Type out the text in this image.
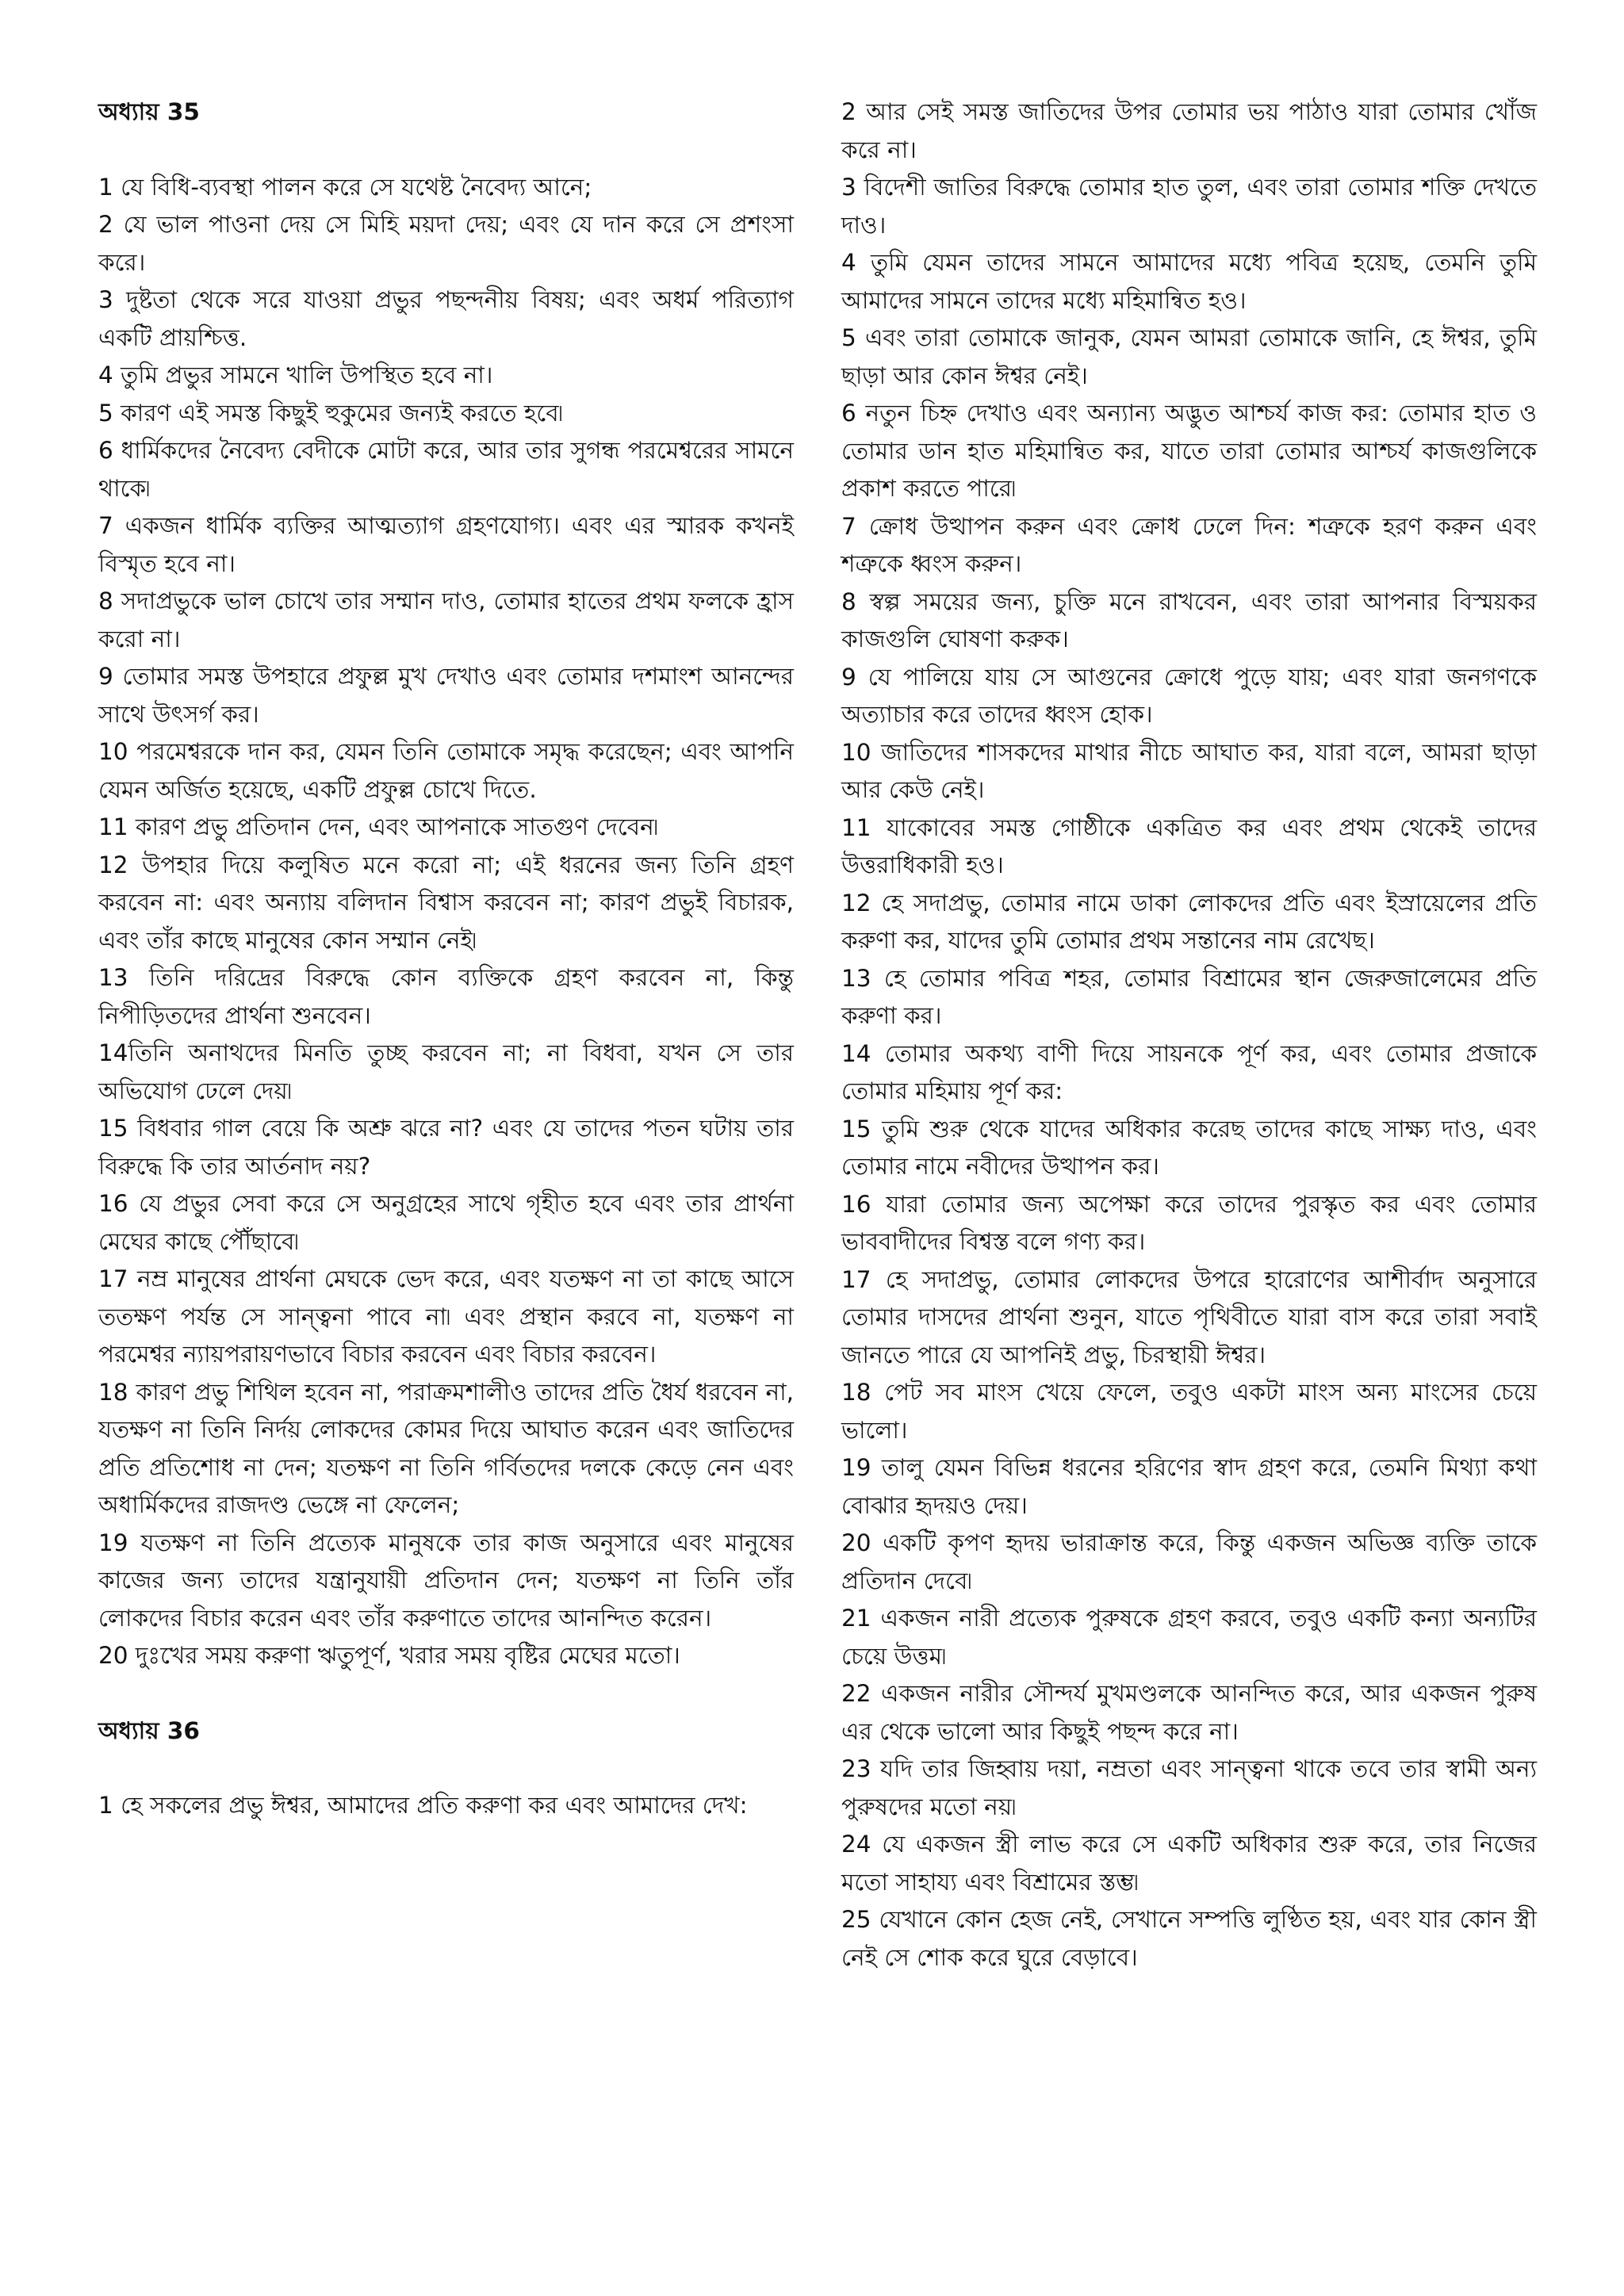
অধ্যায় 35

1 যে বিধি-ব্যবস্থা পালন করে সে যথেষ্ট নৈবেদ্য আনে;

2 যে ভাল পাওনা দেয় সে মিহি ময়দা দেয়; এবং যে দান করে সে প্রশংসা করে।

3 দুষ্টতা থেকে সরে যাওয়া প্রভুর পছন্দনীয় বিষয়; এবং অধর্ম পরিত্যাগ একটি প্রায়শ্চিত্ত.

4 তুমি প্রভুর সামনে খালি উপস্থিত হবে না।

5 কারণ এই সমস্ত কিছুই হুকুমের জন্যই করতে হবে৷

6 ধার্মিকদের নৈবেদ্য বেদীকে মোটা করে, আর তার সুগন্ধ পরমেশ্বরের সামনে থাকে৷

7 একজন ধার্মিক ব্যক্তির আত্মত্যাগ গ্রহণযোগ্য। এবং এর স্মারক কখনই বিস্মৃত হবে না।

8 সদাপ্রভুকে ভাল চোখে তার সম্মান দাও, তোমার হাতের প্রথম ফলকে হ্রাস করো না।

9 তোমার সমস্ত উপহারে প্রফুল্ল মুখ দেখাও এবং তোমার দশমাংশ আনন্দের সাথে উৎসর্গ কর।

10 পরমেশ্বরকে দান কর, যেমন তিনি তোমাকে সমৃদ্ধ করেছেন; এবং আপনি যেমন অর্জিত হয়েছে, একটি প্রফুল্ল চোখে দিতে.

11 কারণ প্রভু প্রতিদান দেন, এবং আপনাকে সাতগুণ দেবেন৷

12 উপহার দিয়ে কলুষিত মনে করো না; এই ধরনের জন্য তিনি গ্রহণ করবেন না: এবং অন্যায় বলিদান বিশ্বাস করবেন না; কারণ প্রভুই বিচারক, এবং তাঁর কাছে মানুষের কোন সম্মান নেই৷

13 তিনি দরিদ্রের বিরুদ্ধে কোন ব্যক্তিকে গ্রহণ করবেন না, কিন্তু নিপীড়িতদের প্রার্থনা শুনবেন।

14তিনি অনাথদের মিনতি তুচ্ছ করবেন না; না বিধবা, যখন সে তার অভিযোগ ঢেলে দেয়৷

15 বিধবার গাল বেয়ে কি অশ্রু ঝরে না? এবং যে তাদের পতন ঘটায় তার বিরুদ্ধে কি তার আর্তনাদ নয়?

16 যে প্রভুর সেবা করে সে অনুগ্রহের সাথে গৃহীত হবে এবং তার প্রার্থনা মেঘের কাছে পৌঁছাবে৷

17 নম্র মানুষের প্রার্থনা মেঘকে ভেদ করে, এবং যতক্ষণ না তা কাছে আসে ততক্ষণ পর্যন্ত সে সান্ত্বনা পাবে না৷ এবং প্রস্থান করবে না, যতক্ষণ না পরমেশ্বর ন্যায়পরায়ণভাবে বিচার করবেন এবং বিচার করবেন।

18 কারণ প্রভু শিথিল হবেন না, পরাক্রমশালীও তাদের প্রতি ধৈর্য ধরবেন না, যতক্ষণ না তিনি নির্দয় লোকদের কোমর দিয়ে আঘাত করেন এবং জাতিদের প্রতি প্রতিশোধ না দেন; যতক্ষণ না তিনি গর্বিতদের দলকে কেড়ে নেন এবং অধার্মিকদের রাজদণ্ড ভেঙ্গে না ফেলেন;

19 যতক্ষণ না তিনি প্রত্যেক মানুষকে তার কাজ অনুসারে এবং মানুষের কাজের জন্য তাদের যন্ত্রানুযায়ী প্রতিদান দেন; যতক্ষণ না তিনি তাঁর লোকদের বিচার করেন এবং তাঁর করুণাতে তাদের আনন্দিত করেন।

20 দুঃখের সময় করুণা ঋতুপূর্ণ, খরার সময় বৃষ্টির মেঘের মতো।

অধ্যায় 36

1 হে সকলের প্রভু ঈশ্বর, আমাদের প্রতি করুণা কর এবং আমাদের দেখ:

2 আর সেই সমস্ত জাতিদের উপর তোমার ভয় পাঠাও যারা তোমার খোঁজ করে না।

3 বিদেশী জাতির বিরুদ্ধে তোমার হাত তুল, এবং তারা তোমার শক্তি দেখতে দাও।

4 তুমি যেমন তাদের সামনে আমাদের মধ্যে পবিত্র হয়েছ, তেমনি তুমি আমাদের সামনে তাদের মধ্যে মহিমান্বিত হও।

5 এবং তারা তোমাকে জানুক, যেমন আমরা তোমাকে জানি, হে ঈশ্বর, তুমি ছাড়া আর কোন ঈশ্বর নেই।

6 নতুন চিহ্ন দেখাও এবং অন্যান্য অদ্ভুত আশ্চর্য কাজ কর: তোমার হাত ও তোমার ডান হাত মহিমান্বিত কর, যাতে তারা তোমার আশ্চর্য কাজগুলিকে প্রকাশ করতে পারে৷

7 ক্রোধ উত্থাপন করুন এবং ক্রোধ ঢেলে দিন: শত্রুকে হরণ করুন এবং শত্রুকে ধ্বংস করুন।

8 স্বল্প সময়ের জন্য, চুক্তি মনে রাখবেন, এবং তারা আপনার বিস্ময়কর কাজগুলি ঘোষণা করুক।

9 যে পালিয়ে যায় সে আগুনের ক্রোধে পুড়ে যায়; এবং যারা জনগণকে অত্যাচার করে তাদের ধ্বংস হোক।

10 জাতিদের শাসকদের মাথার নীচে আঘাত কর, যারা বলে, আমরা ছাড়া আর কেউ নেই।

11 যাকোবের সমস্ত গোষ্ঠীকে একত্রিত কর এবং প্রথম থেকেই তাদের উত্তরাধিকারী হও।

12 হে সদাপ্রভু, তোমার নামে ডাকা লোকদের প্রতি এবং ইস্রায়েলের প্রতি করুণা কর, যাদের তুমি তোমার প্রথম সন্তানের নাম রেখেছ।

13 হে তোমার পবিত্র শহর, তোমার বিশ্রামের স্থান জেরুজালেমের প্রতি করুণা কর।

14 তোমার অকথ্য বাণী দিয়ে সায়নকে পূর্ণ কর, এবং তোমার প্রজাকে তোমার মহিমায় পূর্ণ কর:

15 তুমি শুরু থেকে যাদের অধিকার করেছ তাদের কাছে সাক্ষ্য দাও, এবং তোমার নামে নবীদের উত্থাপন কর।

16 যারা তোমার জন্য অপেক্ষা করে তাদের পুরস্কৃত কর এবং তোমার ভাববাদীদের বিশ্বস্ত বলে গণ্য কর।

17 হে সদাপ্রভু, তোমার লোকদের উপরে হারোণের আশীর্বাদ অনুসারে তোমার দাসদের প্রার্থনা শুনুন, যাতে পৃথিবীতে যারা বাস করে তারা সবাই জানতে পারে যে আপনিই প্রভু, চিরস্থায়ী ঈশ্বর।

18 পেট সব মাংস খেয়ে ফেলে, তবুও একটা মাংস অন্য মাংসের চেয়ে ভালো।

19 তালু যেমন বিভিন্ন ধরনের হরিণের স্বাদ গ্রহণ করে, তেমনি মিথ্যা কথা বোঝার হৃদয়ও দেয়।

20 একটি কৃপণ হৃদয় ভারাক্রান্ত করে, কিন্তু একজন অভিজ্ঞ ব্যক্তি তাকে প্রতিদান দেবে৷

21 একজন নারী প্রত্যেক পুরুষকে গ্রহণ করবে, তবুও একটি কন্যা অন্যটির চেয়ে উত্তম৷

22 একজন নারীর সৌন্দর্য মুখমণ্ডলকে আনন্দিত করে, আর একজন পুরুষ এর থেকে ভালো আর কিছুই পছন্দ করে না।

23 যদি তার জিহ্বায় দয়া, নম্রতা এবং সান্ত্বনা থাকে তবে তার স্বামী অন্য পুরুষদের মতো নয়৷

24 যে একজন স্ত্রী লাভ করে সে একটি অধিকার শুরু করে, তার নিজের মতো সাহায্য এবং বিশ্রামের স্তম্ভ৷

25 যেখানে কোন হেজ নেই, সেখানে সম্পত্তি লুণ্ঠিত হয়, এবং যার কোন স্ত্রী নেই সে শোক করে ঘুরে বেড়াবে।
